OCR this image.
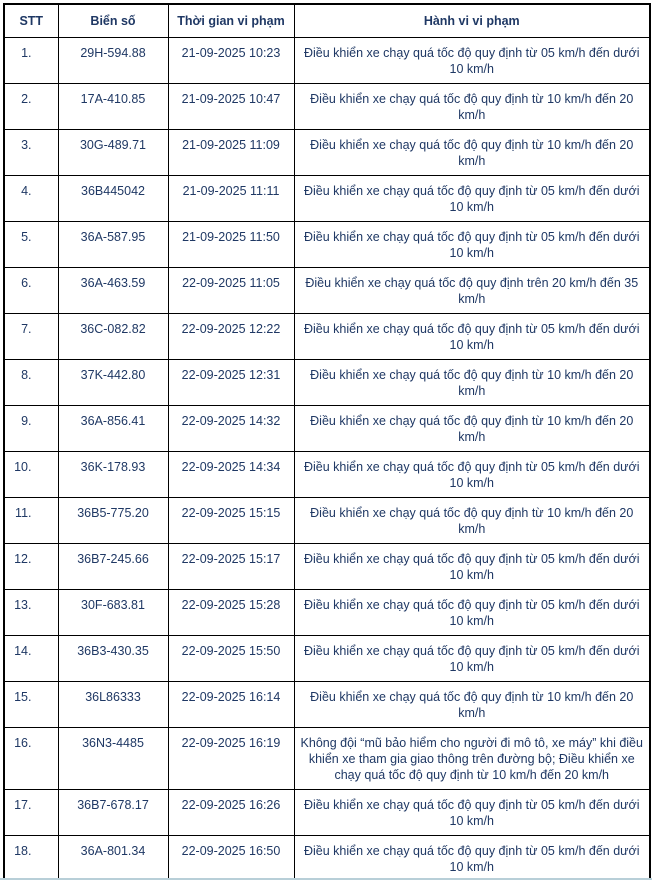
STT	Biển số	Thời gian vi phạm	Hành vi vi phạm
1.	29H-594.88	21-09-2025 10:23	Điều khiển xe chạy quá tốc độ quy định từ 05 km/h đến dưới 10 km/h
2.	17A-410.85	21-09-2025 10:47	Điều khiển xe chạy quá tốc độ quy định từ 10 km/h đến 20 km/h
3.	30G-489.71	21-09-2025 11:09	Điều khiển xe chạy quá tốc độ quy định từ 10 km/h đến 20 km/h
4.	36B445042	21-09-2025 11:11	Điều khiển xe chạy quá tốc độ quy định từ 05 km/h đến dưới 10 km/h
5.	36A-587.95	21-09-2025 11:50	Điều khiển xe chạy quá tốc độ quy định từ 05 km/h đến dưới 10 km/h
6.	36A-463.59	22-09-2025 11:05	Điều khiển xe chạy quá tốc độ quy định trên 20 km/h đến 35 km/h
7.	36C-082.82	22-09-2025 12:22	Điều khiển xe chạy quá tốc độ quy định từ 05 km/h đến dưới 10 km/h
8.	37K-442.80	22-09-2025 12:31	Điều khiển xe chạy quá tốc độ quy định từ 10 km/h đến 20 km/h
9.	36A-856.41	22-09-2025 14:32	Điều khiển xe chạy quá tốc độ quy định từ 10 km/h đến 20 km/h
10.	36K-178.93	22-09-2025 14:34	Điều khiển xe chạy quá tốc độ quy định từ 05 km/h đến dưới 10 km/h
11.	36B5-775.20	22-09-2025 15:15	Điều khiển xe chạy quá tốc độ quy định từ 10 km/h đến 20 km/h
12.	36B7-245.66	22-09-2025 15:17	Điều khiển xe chạy quá tốc độ quy định từ 05 km/h đến dưới 10 km/h
13.	30F-683.81	22-09-2025 15:28	Điều khiển xe chạy quá tốc độ quy định từ 05 km/h đến dưới 10 km/h
14.	36B3-430.35	22-09-2025 15:50	Điều khiển xe chạy quá tốc độ quy định từ 05 km/h đến dưới 10 km/h
15.	36L86333	22-09-2025 16:14	Điều khiển xe chạy quá tốc độ quy định từ 10 km/h đến 20 km/h
16.	36N3-4485	22-09-2025 16:19	Không đội “mũ bảo hiểm cho người đi mô tô, xe máy” khi điều khiển xe tham gia giao thông trên đường bộ; Điều khiển xe chạy quá tốc độ quy định từ 10 km/h đến 20 km/h
17.	36B7-678.17	22-09-2025 16:26	Điều khiển xe chạy quá tốc độ quy định từ 05 km/h đến dưới 10 km/h
18.	36A-801.34	22-09-2025 16:50	Điều khiển xe chạy quá tốc độ quy định từ 05 km/h đến dưới 10 km/h
